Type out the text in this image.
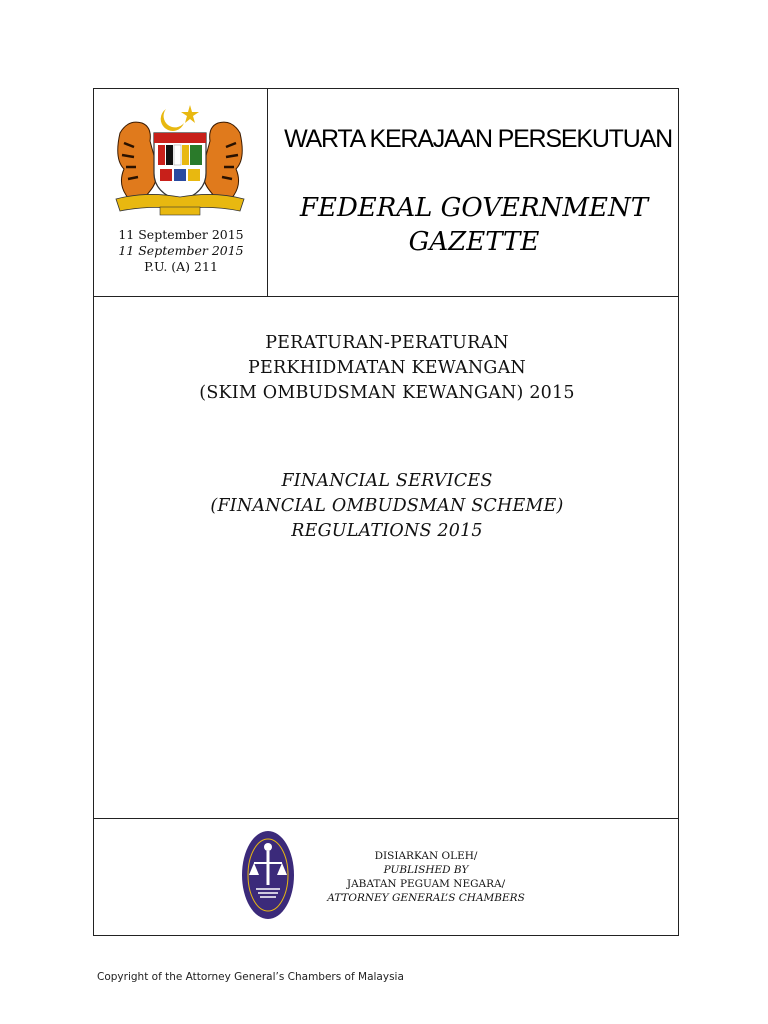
11 September 2015
11 September 2015
P.U. (A) 211
WARTA KERAJAAN PERSEKUTUAN
FEDERAL GOVERNMENT
GAZETTE
PERATURAN-PERATURAN
PERKHIDMATAN KEWANGAN
(SKIM OMBUDSMAN KEWANGAN) 2015
FINANCIAL SERVICES
(FINANCIAL OMBUDSMAN SCHEME)
REGULATIONS 2015
DISIARKAN OLEH/
PUBLISHED BY
JABATAN PEGUAM NEGARA/
ATTORNEY GENERAL’S CHAMBERS
Copyright of the Attorney General’s Chambers of Malaysia
